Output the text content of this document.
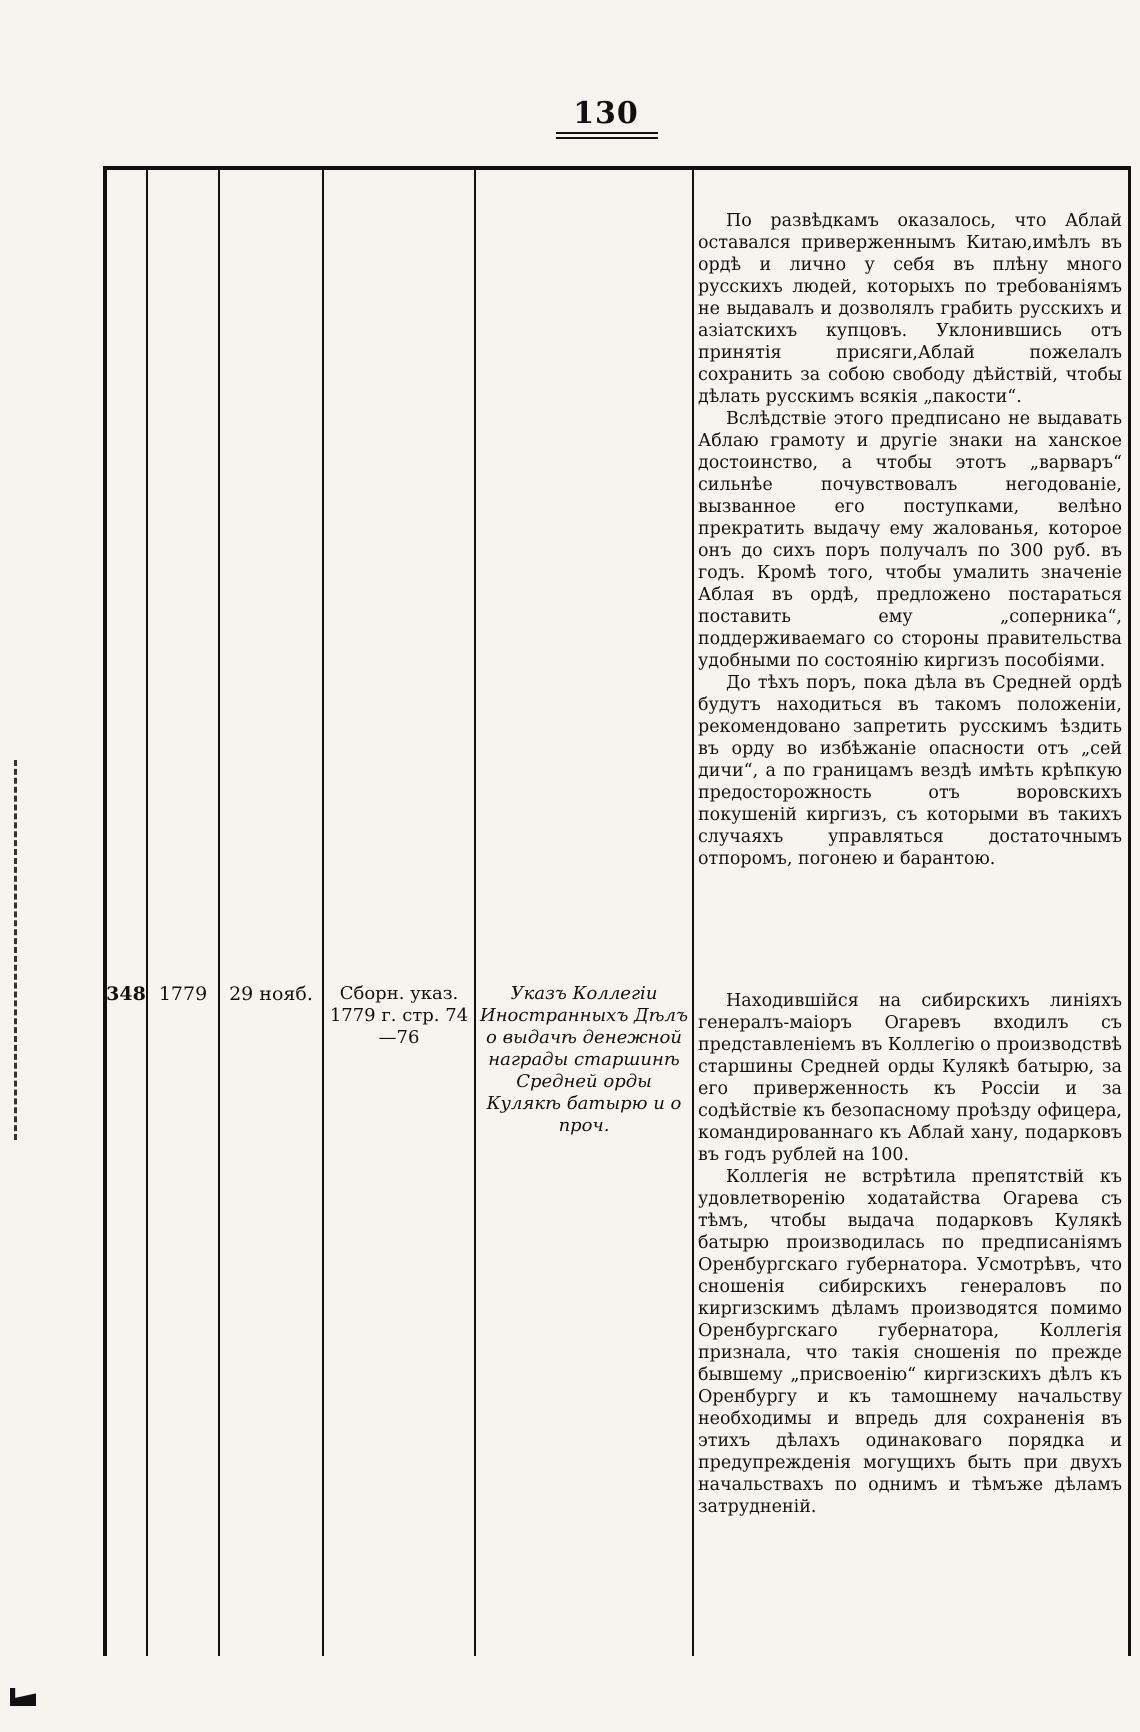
130

По развѣдкамъ оказалось, что Аблай оставался приверженнымъ Китаю,имѣлъ въ ордѣ и лично у себя въ плѣну много русскихъ людей, которыхъ по требованіямъ не выдавалъ и дозволялъ грабить русскихъ и азіатскихъ купцовъ. Уклонившись отъ принятія присяги,Аблай пожелалъ сохранить за собою свободу дѣйствій, чтобы дѣлать русскимъ всякія „пакости“.

Вслѣдствіе этого предписано не выдавать Аблаю грамоту и другіе знаки на ханское достоинство, а чтобы этотъ „варваръ“ сильнѣе почувствовалъ негодованіе, вызванное его поступками, велѣно прекратить выдачу ему жалованья, которое онъ до сихъ поръ получалъ по 300 руб. въ годъ. Кромѣ того, чтобы умалить значеніе Аблая въ ордѣ, предложено постараться поставить ему „соперника“, поддерживаемаго со стороны правительства удобными по состоянію киргизъ пособіями.

До тѣхъ поръ, пока дѣла въ Средней ордѣ будутъ находиться въ такомъ положеніи, рекомендовано запретить русскимъ ѣздить въ орду во избѣжаніе опасности отъ „сей дичи“, а по границамъ вездѣ имѣть крѣпкую предосторожность отъ воровскихъ покушеній киргизъ, съ которыми въ такихъ случаяхъ управляться достаточнымъ отпоромъ, погонею и барантою.

348 1779	29 нояб.	Сборн. указ. 1779 г. стр. 74—76
Указъ Коллегіи Иностранныхъ Дѣлъ о выдачѣ денежной награды старшинѣ Средней орды Кулякѣ батырю и о проч.

Находившійся на сибирскихъ линіяхъ генералъ-маіоръ Огаревъ входилъ съ представленіемъ въ Коллегію о производствѣ старшины Средней орды Кулякѣ батырю, за его приверженность къ Россіи и за содѣйствіе къ безопасному проѣзду офицера, командированнаго къ Аблай хану, подарковъ въ годъ рублей на 100.

Коллегія не встрѣтила препятствій къ удовлетворенію ходатайства Огарева съ тѣмъ, чтобы выдача подарковъ Кулякѣ батырю производилась по предписаніямъ Оренбургскаго губернатора. Усмотрѣвъ, что сношенія сибирскихъ генераловъ по киргизскимъ дѣламъ производятся помимо Оренбургскаго губернатора, Коллегія признала, что такія сношенія по прежде бывшему „присвоенію“ киргизскихъ дѣлъ къ Оренбургу и къ тамошнему начальству необходимы и впредь для сохраненія въ этихъ дѣлахъ одинаковаго порядка и предупрежденія могущихъ быть при двухъ начальствахъ по однимъ и тѣмъже дѣламъ затрудненій.
